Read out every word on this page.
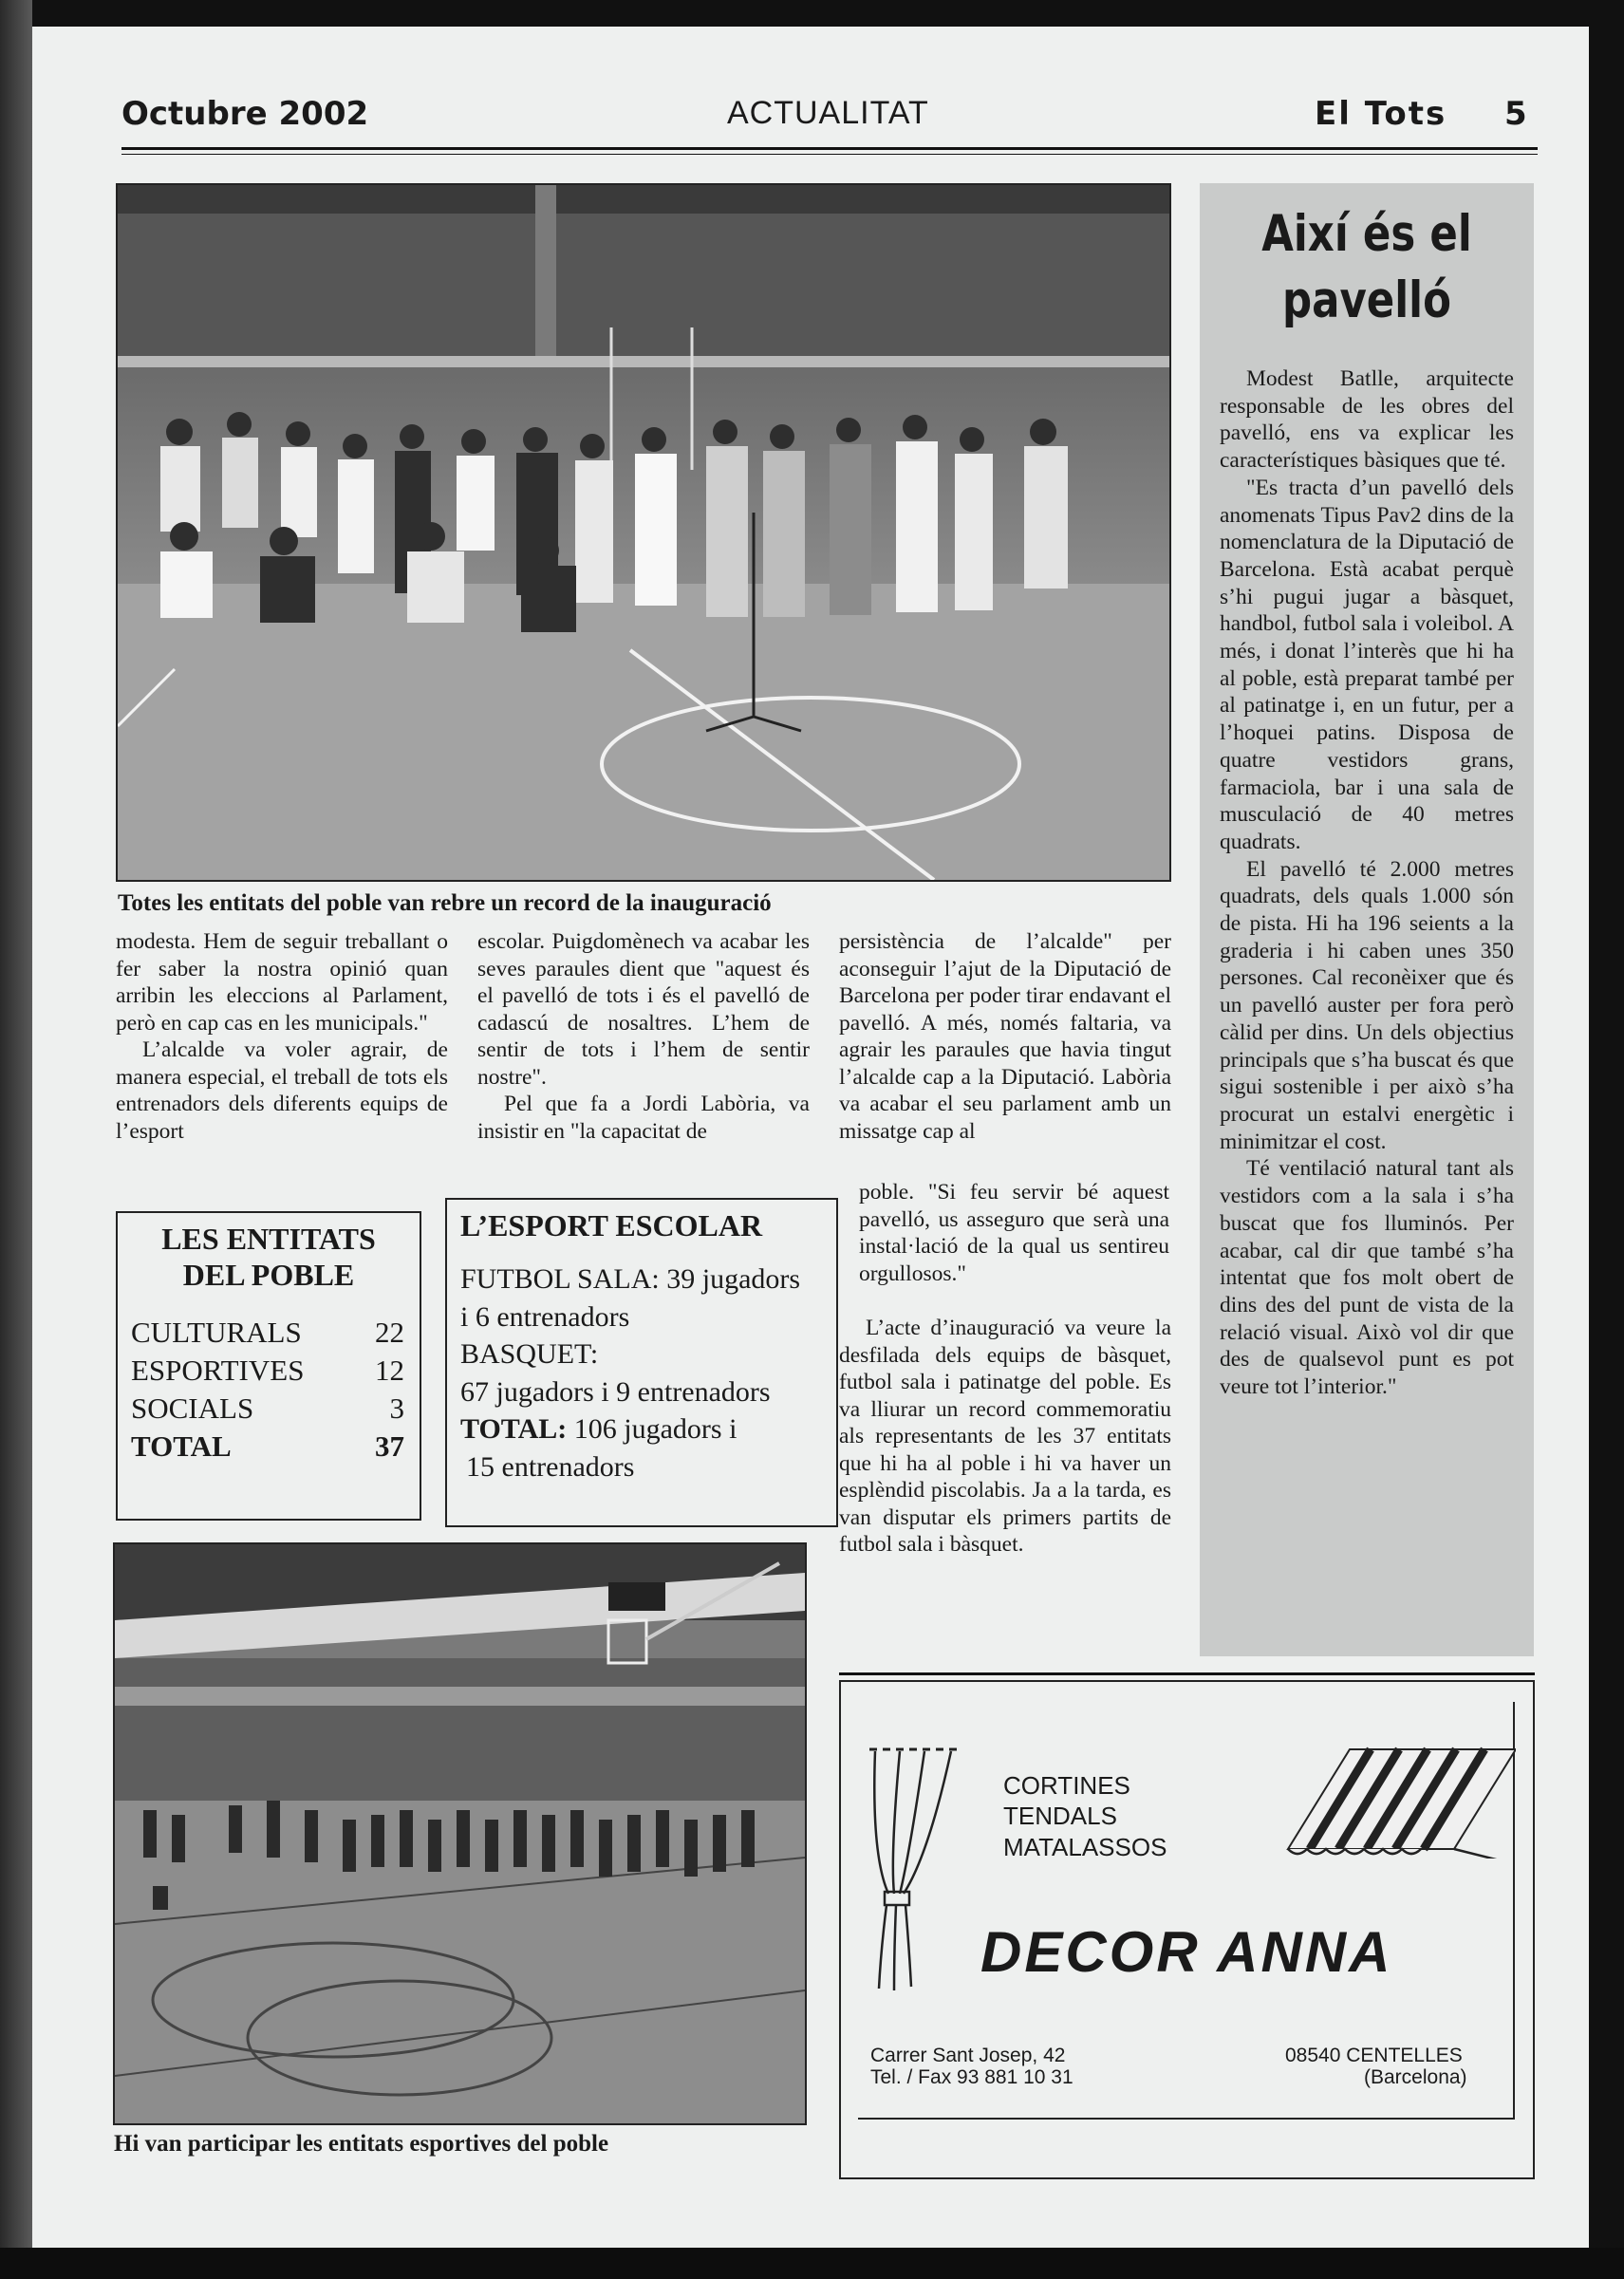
Octubre 2002	ACTUALITAT	El Tots 5
Totes les entitats del poble van rebre un record de la inauguració

modesta. Hem de seguir treballant o fer saber la nostra opinió quan arribin les eleccions al Parlament, però en cap cas en les municipals."

L’alcalde va voler agrair, de manera especial, el treball de tots els entrenadors dels diferents equips de l’esport

escolar. Puigdomènech va acabar les seves paraules dient que "aquest és el pavelló de tots i és el pavelló de cadascú de nosaltres. L’hem de sentir de tots i l’hem de sentir nostre".

Pel que fa a Jordi Labòria, va insistir en "la capacitat de

persistència de l’alcalde" per aconseguir l’ajut de la Diputació de Barcelona per poder tirar endavant el pavelló. A més, només faltaria, va agrair les paraules que havia tingut l’alcalde cap a la Diputació. Labòria va acabar el seu parlament amb un missatge cap al

poble. "Si feu servir bé aquest pavelló, us asseguro que serà una instal·lació de la qual us sentireu orgullosos."

L’acte d’inauguració va veure la desfilada dels equips de bàsquet, futbol sala i patinatge del poble. Es va lliurar un record commemoratiu als representants de les 37 entitats que hi ha al poble i hi va haver un esplèndid piscolabis. Ja a la tarda, es van disputar els primers partits de futbol sala i bàsquet.

LES ENTITATS
DEL POBLE
CULTURALS 22
ESPORTIVES 12
SOCIALS	3
TOTAL	37
L’ESPORT ESCOLAR
FUTBOL SALA: 39 jugadors
i 6 entrenadors
BASQUET:
67 jugadors i 9 entrenadors
TOTAL: 106 jugadors i
15 entrenadors
Hi van participar les entitats esportives del poble
Així és el
pavelló

Modest Batlle, arquitecte responsable de les obres del pavelló, ens va explicar les característiques bàsiques que té.

"Es tracta d’un pavelló dels anomenats Tipus Pav2 dins de la nomenclatura de la Diputació de Barcelona. Està acabat perquè s’hi pugui jugar a bàsquet, handbol, futbol sala i voleibol. A més, i donat l’interès que hi ha al poble, està preparat també per al patinatge i, en un futur, per a l’hoquei patins. Disposa de quatre vestidors grans, farmaciola, bar i una sala de musculació de 40 metres quadrats.

El pavelló té 2.000 metres quadrats, dels quals 1.000 són de pista. Hi ha 196 seients a la graderia i hi caben unes 350 persones. Cal reconèixer que és un pavelló auster per fora però càlid per dins. Un dels objectius principals que s’ha buscat és que sigui sostenible i per això s’ha procurat un estalvi energètic i minimitzar el cost.

Té ventilació natural tant als vestidors com a la sala i s’ha buscat que fos lluminós. Per acabar, cal dir que també s’ha intentat que fos molt obert de dins des del punt de vista de la relació visual. Això vol dir que des de qualsevol punt es pot veure tot l’interior."

CORTINES
TENDALS
MATALASSOS
DECOR ANNA
Carrer Sant Josep, 42
Tel. / Fax 93 881 10 31
08540 CENTELLES
(Barcelona)
